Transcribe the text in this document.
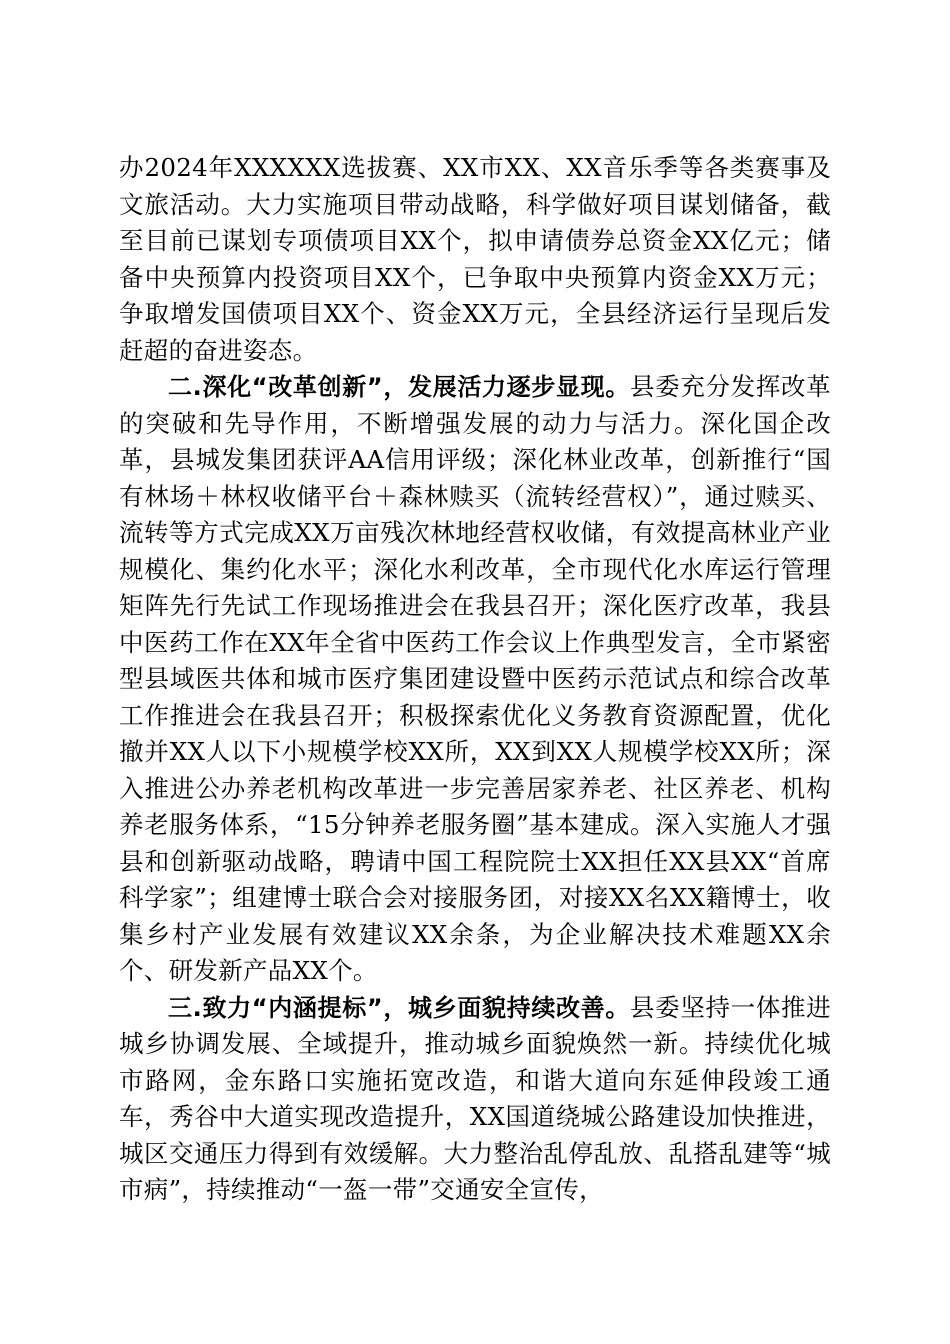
办2024年XXXXXX选拔赛、XX市XX、XX音乐季等各类赛事及文旅活动。大力实施项目带动战略，科学做好项目谋划储备，截至目前已谋划专项债项目XX个，拟申请债券总资金XX亿元；储备中央预算内投资项目XX个，已争取中央预算内资金XX万元；争取增发国债项目XX个、资金XX万元，全县经济运行呈现后发赶超的奋进姿态。

二.深化“改革创新”，发展活力逐步显现。县委充分发挥改革的突破和先导作用，不断增强发展的动力与活力。深化国企改革，县城发集团获评AA信用评级；深化林业改革，创新推行“国有林场＋林权收储平台＋森林赎买（流转经营权）”，通过赎买、流转等方式完成XX万亩残次林地经营权收储，有效提高林业产业规模化、集约化水平；深化水利改革，全市现代化水库运行管理矩阵先行先试工作现场推进会在我县召开；深化医疗改革，我县中医药工作在XX年全省中医药工作会议上作典型发言，全市紧密型县域医共体和城市医疗集团建设暨中医药示范试点和综合改革工作推进会在我县召开；积极探索优化义务教育资源配置，优化撤并XX人以下小规模学校XX所，XX到XX人规模学校XX所；深入推进公办养老机构改革进一步完善居家养老、社区养老、机构养老服务体系，“15分钟养老服务圈”基本建成。深入实施人才强县和创新驱动战略，聘请中国工程院院士XX担任XX县XX“首席科学家”；组建博士联合会对接服务团，对接XX名XX籍博士，收集乡村产业发展有效建议XX余条，为企业解决技术难题XX余个、研发新产品XX个。

三.致力“内涵提标”，城乡面貌持续改善。县委坚持一体推进城乡协调发展、全域提升，推动城乡面貌焕然一新。持续优化城市路网，金东路口实施拓宽改造，和谐大道向东延伸段竣工通车，秀谷中大道实现改造提升，XX国道绕城公路建设加快推进，城区交通压力得到有效缓解。大力整治乱停乱放、乱搭乱建等“城市病”，持续推动“一盔一带”交通安全宣传，
